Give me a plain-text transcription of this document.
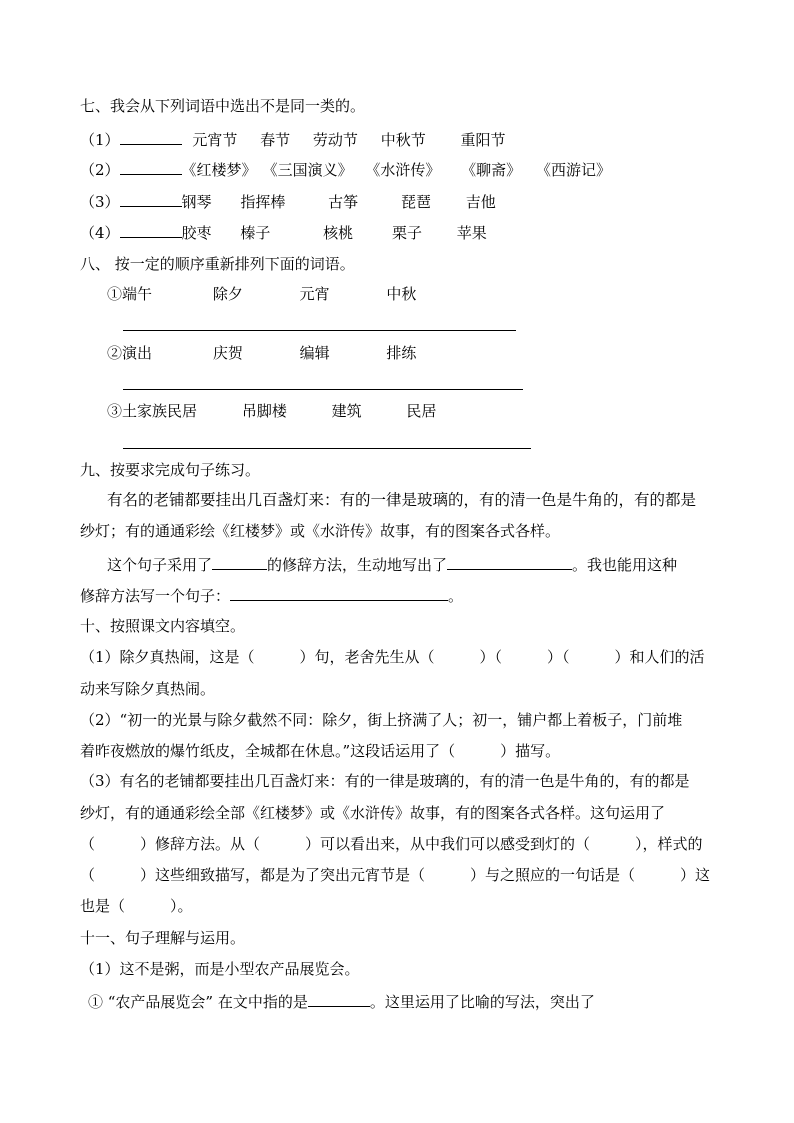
七、我会从下列词语中选出不是同一类的。
（1）	元宵节 春节 劳动节 中秋节 重阳节
（2）	《红楼梦》 《三国演义》 《水浒传》 《聊斋》 《西游记》
（3）	钢琴 指挥棒	古筝	琵琶 吉他
（4）	胶枣 榛子	核桃	栗子 苹果
八、 按一定的顺序重新排列下面的词语。
①端午	除夕	元宵	中秋
②演出	庆贺	编辑	排练
③土家族民居	吊脚楼	建筑	民居
九、按要求完成句子练习。
有名的老铺都要挂出几百盏灯来：有的一律是玻璃的，有的清一色是牛角的，有的都是
纱灯；有的通通彩绘《红楼梦》或《水浒传》故事，有的图案各式各样。
这个句子采用了	的修辞方法，生动地写出了	。我也能用这种
修辞方法写一个句子：	。
十、按照课文内容填空。
（1）除夕真热闹，这是（　　　）句，老舍先生从（　　　）（　　　）（　　　）和人们的活
动来写除夕真热闹。
（2）“初一的光景与除夕截然不同：除夕，街上挤满了人；初一，铺户都上着板子，门前堆
着昨夜燃放的爆竹纸皮，全城都在休息。”这段话运用了（　　　）描写。
（3）有名的老铺都要挂出几百盏灯来：有的一律是玻璃的，有的清一色是牛角的，有的都是
纱灯，有的通通彩绘全部《红楼梦》或《水浒传》故事，有的图案各式各样。这句运用了
（　　　）修辞方法。从（　　　）可以看出来，从中我们可以感受到灯的（　　　），样式的
（　　　）这些细致描写，都是为了突出元宵节是（　　　）与之照应的一句话是（　　　）这
也是（　　　）。
十一、句子理解与运用。
（1）这不是粥，而是小型农产品展览会。
① “农产品展览会” 在文中指的是	。这里运用了比喻的写法，突出了
